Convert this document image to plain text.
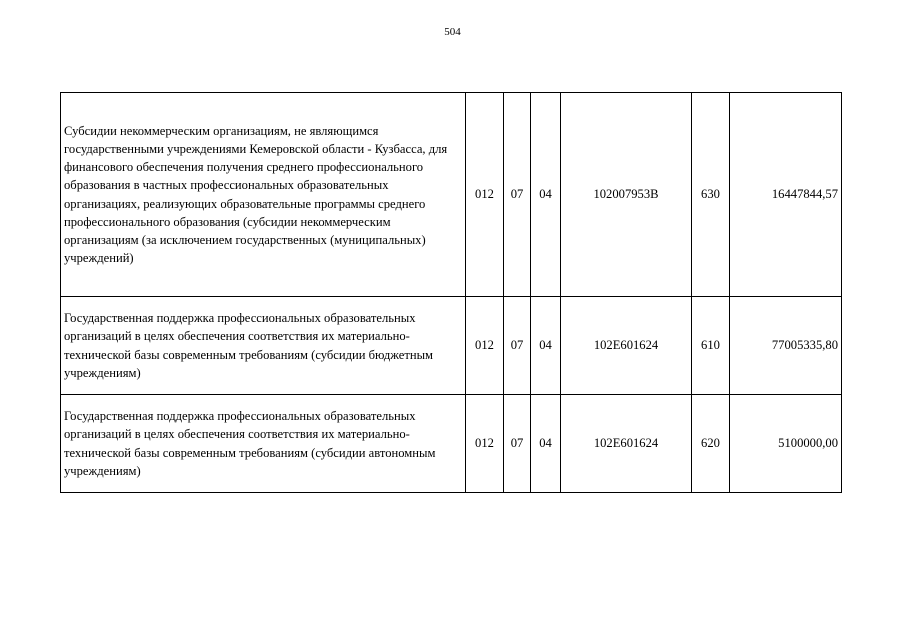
504
Субсидии некоммерческим организациям, не являющимся государственными учреждениями Кемеровской области - Кузбасса, для финансового обеспечения получения среднего профессионального образования в частных профессиональных образовательных организациях, реализующих образовательные программы среднего профессионального образования (субсидии некоммерческим организациям (за исключением государственных (муниципальных) учреждений)	012	07	04	102007953В	630	16447844,57
Государственная поддержка профессиональных образовательных организаций в целях обеспечения соответствия их материально-технической базы современным требованиям (субсидии бюджетным учреждениям)	012	07	04	102Е601624	610	77005335,80
Государственная поддержка профессиональных образовательных организаций в целях обеспечения соответствия их материально-технической базы современным требованиям (субсидии автономным учреждениям)	012	07	04	102Е601624	620	5100000,00
